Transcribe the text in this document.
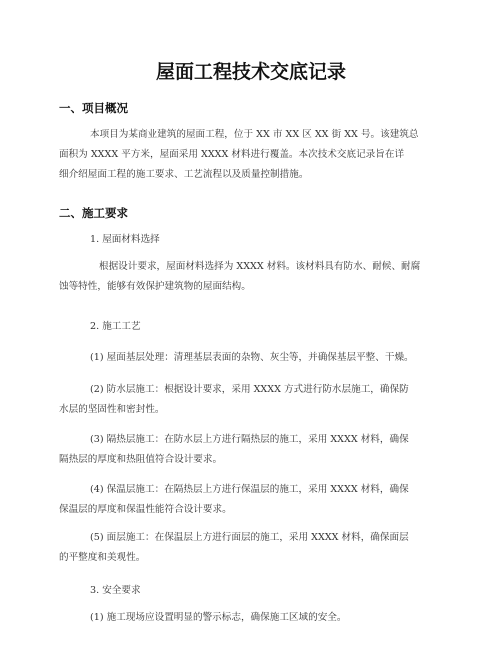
屋面工程技术交底记录
一、项目概况

本项目为某商业建筑的屋面工程，位于 XX 市 XX 区 XX 街 XX 号。该建筑总
面积为 XXXX 平方米，屋面采用 XXXX 材料进行覆盖。本次技术交底记录旨在详
细介绍屋面工程的施工要求、工艺流程以及质量控制措施。

二、施工要求

1. 屋面材料选择

根据设计要求，屋面材料选择为 XXXX 材料。该材料具有防水、耐候、耐腐
蚀等特性，能够有效保护建筑物的屋面结构。

2. 施工工艺

(1) 屋面基层处理：清理基层表面的杂物、灰尘等，并确保基层平整、干燥。

(2) 防水层施工：根据设计要求，采用 XXXX 方式进行防水层施工，确保防
水层的坚固性和密封性。

(3) 隔热层施工：在防水层上方进行隔热层的施工，采用 XXXX 材料，确保
隔热层的厚度和热阻值符合设计要求。

(4) 保温层施工：在隔热层上方进行保温层的施工，采用 XXXX 材料，确保
保温层的厚度和保温性能符合设计要求。

(5) 面层施工：在保温层上方进行面层的施工，采用 XXXX 材料，确保面层
的平整度和美观性。

3. 安全要求

(1) 施工现场应设置明显的警示标志，确保施工区域的安全。
